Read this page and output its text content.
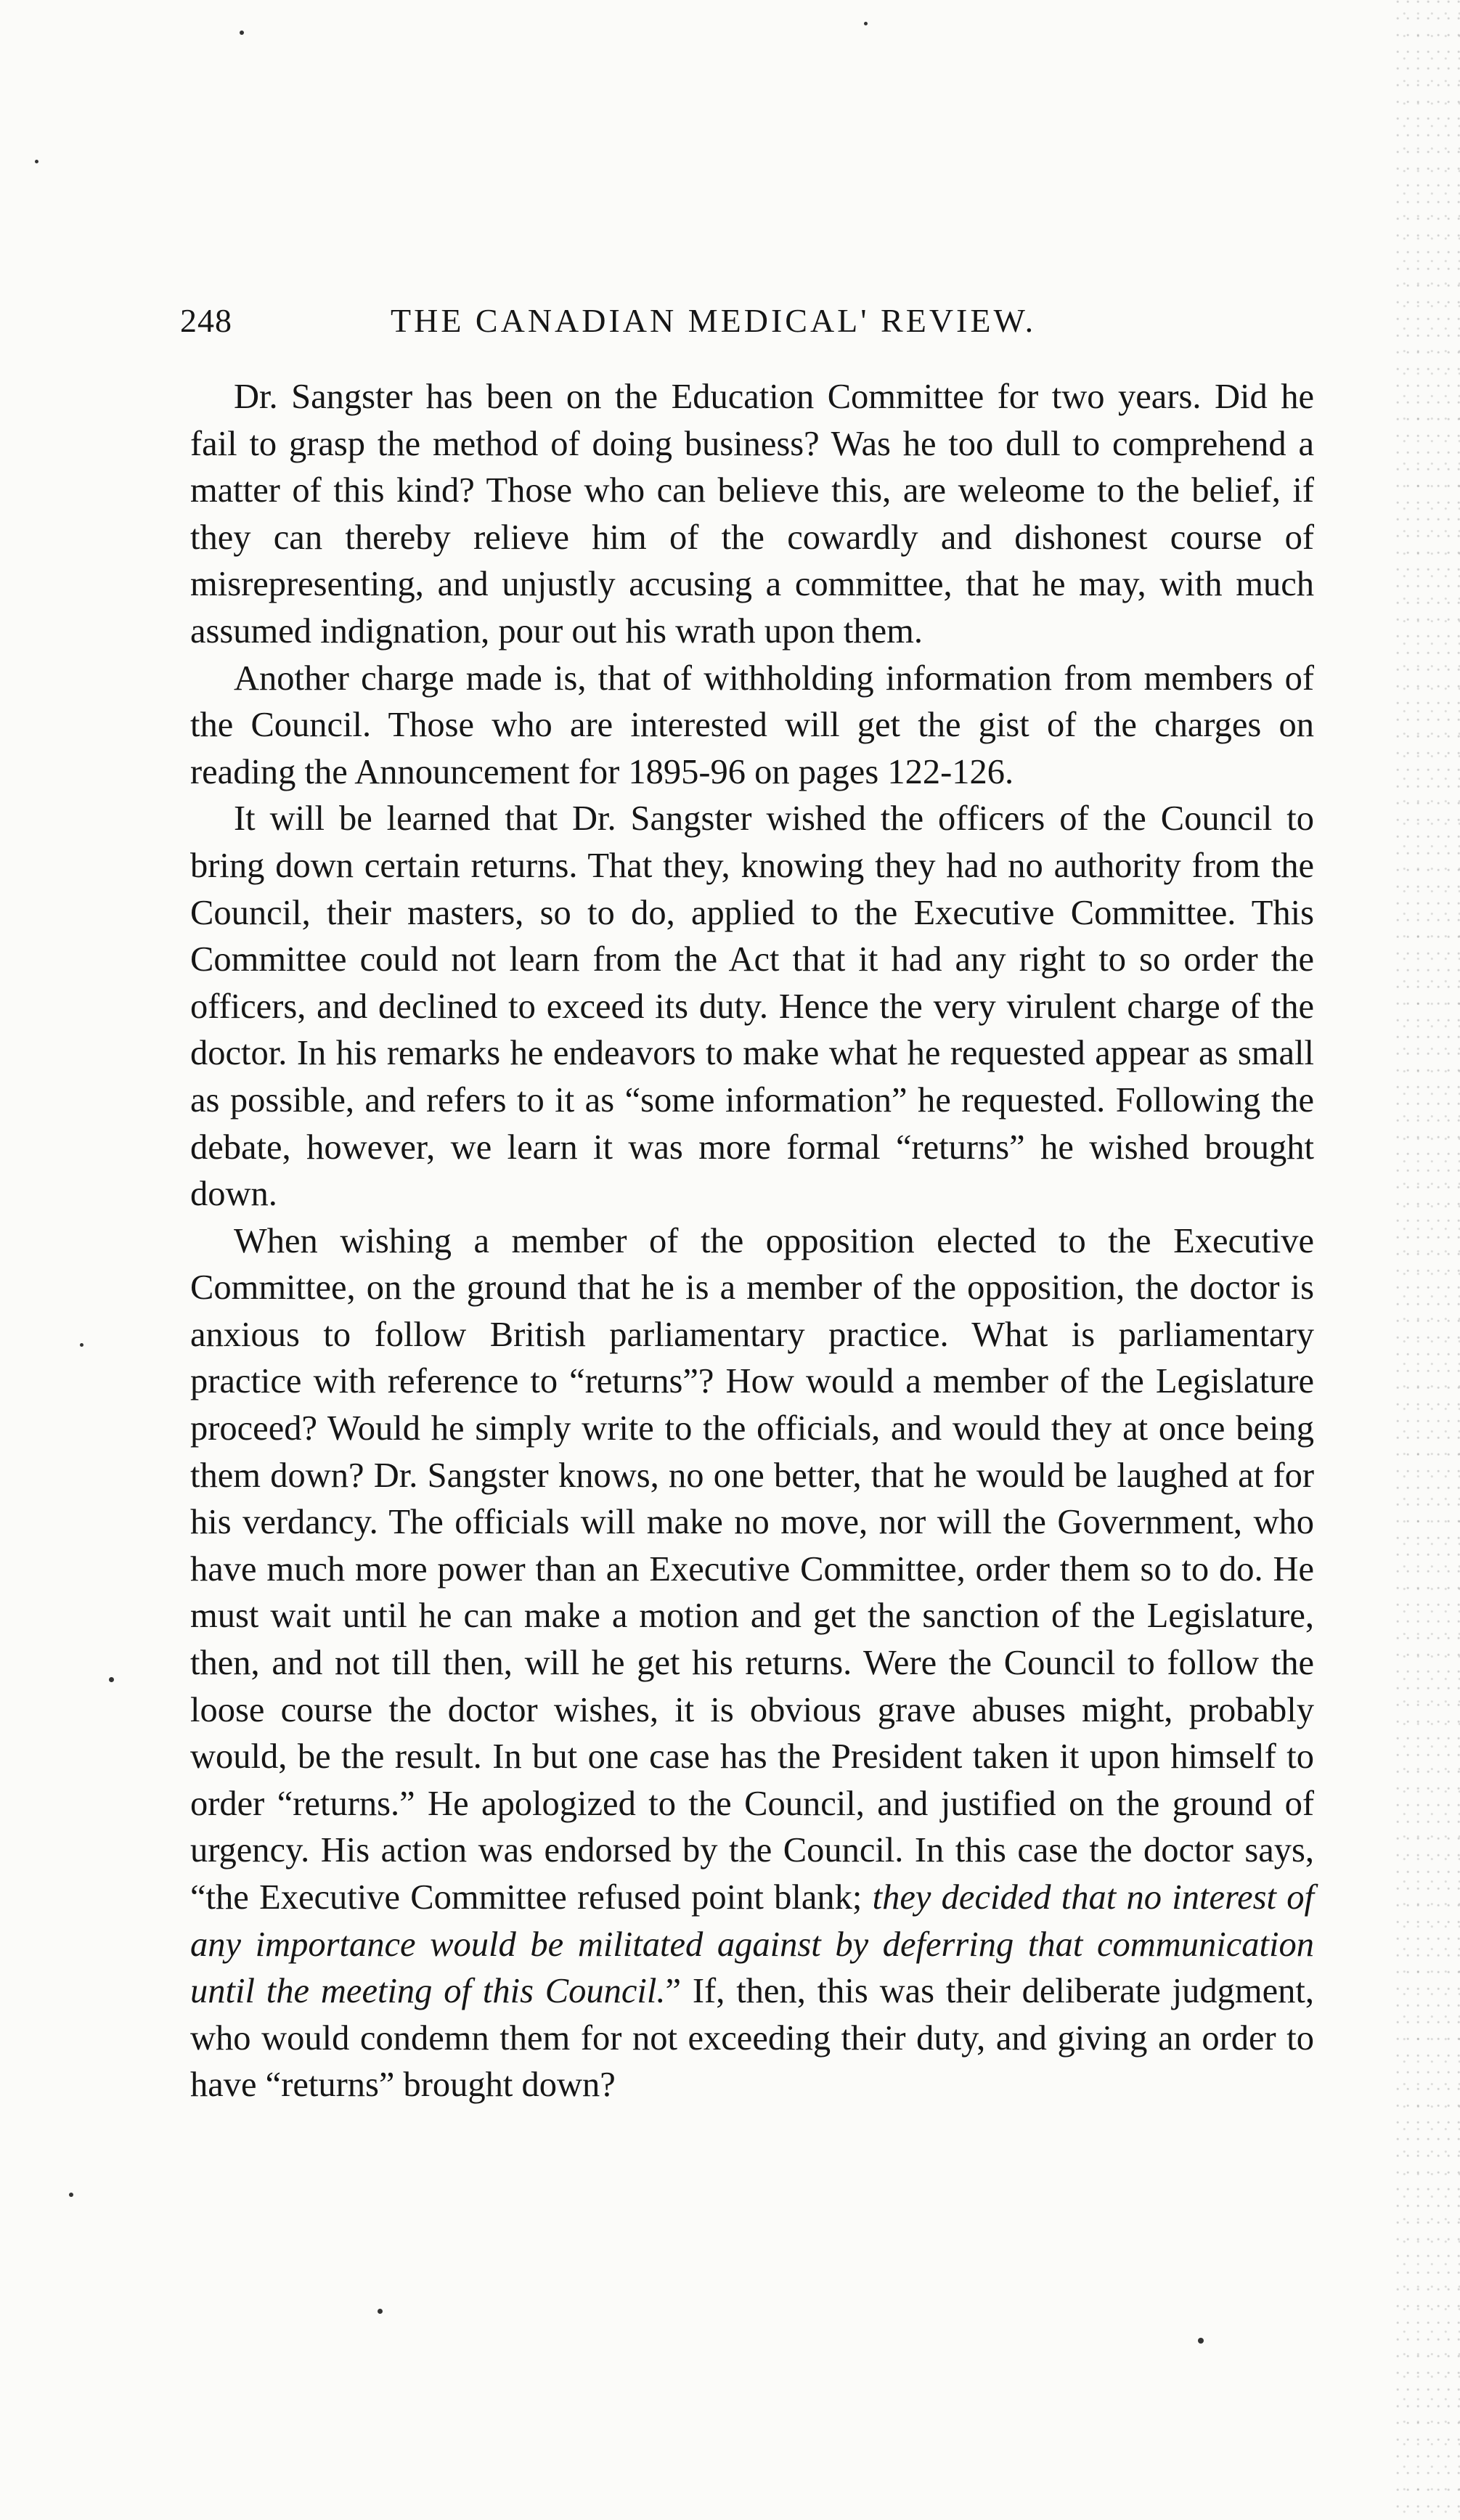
248	THE CANADIAN MEDICAL' REVIEW.

Dr. Sangster has been on the Education Committee for two years. Did he fail to grasp the method of doing business? Was he too dull to comprehend a matter of this kind? Those who can believe this, are weleome to the belief, if they can thereby relieve him of the cowardly and dishonest course of misrepresenting, and unjustly accusing a committee, that he may, with much assumed indignation, pour out his wrath upon them.

Another charge made is, that of withholding information from members of the Council. Those who are interested will get the gist of the charges on reading the Announcement for 1895-96 on pages 122-126.

It will be learned that Dr. Sangster wished the officers of the Council to bring down certain returns. That they, knowing they had no authority from the Council, their masters, so to do, applied to the Executive Committee. This Committee could not learn from the Act that it had any right to so order the officers, and declined to exceed its duty. Hence the very virulent charge of the doctor. In his remarks he endeavors to make what he requested appear as small as possible, and refers to it as “some information” he requested. Following the debate, however, we learn it was more formal “returns” he wished brought down.

When wishing a member of the opposition elected to the Executive Committee, on the ground that he is a member of the opposition, the doctor is anxious to follow British parliamentary practice. What is parliamentary practice with reference to “returns”? How would a member of the Legislature proceed? Would he simply write to the officials, and would they at once being them down? Dr. Sangster knows, no one better, that he would be laughed at for his verdancy. The officials will make no move, nor will the Government, who have much more power than an Executive Committee, order them so to do. He must wait until he can make a motion and get the sanction of the Legislature, then, and not till then, will he get his returns. Were the Council to follow the loose course the doctor wishes, it is obvious grave abuses might, probably would, be the result. In but one case has the President taken it upon himself to order “returns.” He apologized to the Council, and justified on the ground of urgency. His action was endorsed by the Council. In this case the doctor says, “the Executive Committee refused point blank; they decided that no interest of any importance would be militated against by deferring that communication until the meeting of this Council.” If, then, this was their deliberate judgment, who would condemn them for not exceeding their duty, and giving an order to have “returns” brought down?
